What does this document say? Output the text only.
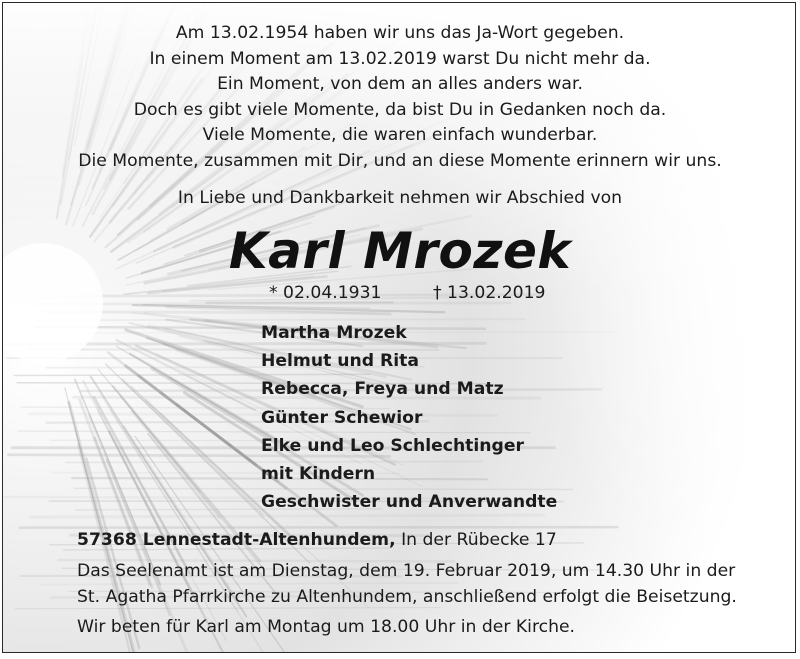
Am 13.02.1954 haben wir uns das Ja-Wort gegeben.
In einem Moment am 13.02.2019 warst Du nicht mehr da.
Ein Moment, von dem an alles anders war.
Doch es gibt viele Momente, da bist Du in Gedanken noch da.
Viele Momente, die waren einfach wunderbar.
Die Momente, zusammen mit Dir, und an diese Momente erinnern wir uns.
In Liebe und Dankbarkeit nehmen wir Abschied von
Karl Mrozek
* 02.04.1931	† 13.02.2019
Martha Mrozek
Helmut und Rita
Rebecca, Freya und Matz
Günter Schewior
Elke und Leo Schlechtinger
mit Kindern
Geschwister und Anverwandte
57368 Lennestadt-Altenhundem, In der Rübecke 17
Das Seelenamt ist am Dienstag, dem 19. Februar 2019, um 14.30 Uhr in der
St. Agatha Pfarrkirche zu Altenhundem, anschließend erfolgt die Beisetzung.
Wir beten für Karl am Montag um 18.00 Uhr in der Kirche.
